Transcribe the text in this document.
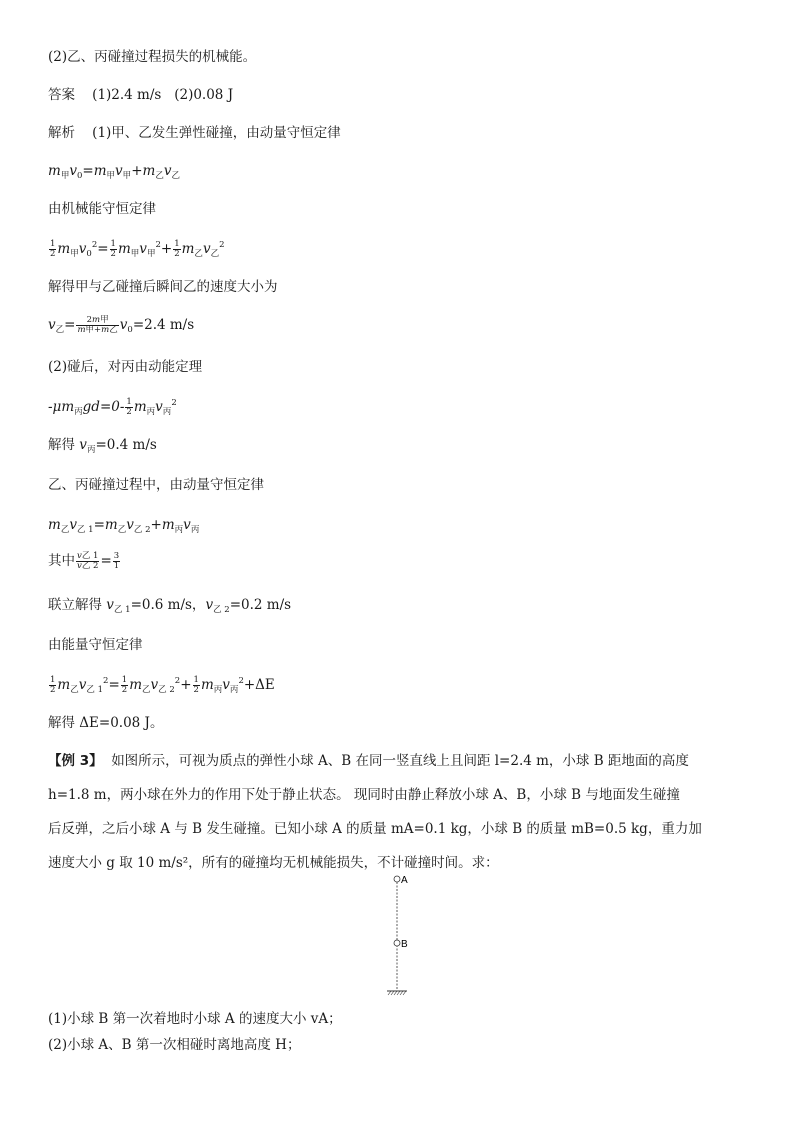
(2)乙、丙碰撞过程损失的机械能。
答案 (1)2.4 m/s (2)0.08 J
解析 (1)甲、乙发生弹性碰撞，由动量守恒定律
$m_甲v_0=m_甲v_甲+m_乙v_乙$
由机械能守恒定律
$\frac{1}{2} m_甲v_0^2= \frac{1}{2} m_甲v_甲^2+ \frac{1}{2} m_乙v_乙^2$
解得甲与乙碰撞后瞬间乙的速度大小为
$v_乙= \frac{\text{2m甲}}{\text{m甲+m乙}} v_0=2.4$ m/s
(2)碰后，对丙由动能定理
$-\mu m_丙gd=0- \frac{1}{2} m_丙v_丙^2$
解得 $v_丙=0.4$ m/s
乙、丙碰撞过程中，由动量守恒定律
$m_乙v_{乙 1}=m_乙v_{乙 2}+m_丙v_丙$
其中 $\frac{\text{v乙 1}}{\text{v乙 2}} = \frac{3}{1}$
联立解得 $v_{乙 1}=0.6$ m/s，$v_{乙 2}=0.2$ m/s
由能量守恒定律
$\frac{1}{2} m_乙v_{乙 1}^2= \frac{1}{2} m_乙v_{乙 2}^2+ \frac{1}{2} m_丙v_丙^2+\Delta E$
解得 ΔE=0.08 J。
【例 3】 如图所示，可视为质点的弹性小球 A、B 在同一竖直线上且间距 l=2.4 m，小球 B 距地面的高度
h=1.8 m，两小球在外力的作用下处于静止状态。 现同时由静止释放小球 A、B，小球 B 与地面发生碰撞
后反弹，之后小球 A 与 B 发生碰撞。已知小球 A 的质量 mA=0.1 kg，小球 B 的质量 mB=0.5 kg，重力加
速度大小 g 取 10 m/s²，所有的碰撞均无机械能损失，不计碰撞时间。求：
A
B
(1)小球 B 第一次着地时小球 A 的速度大小 vA；
(2)小球 A、B 第一次相碰时离地高度 H；
